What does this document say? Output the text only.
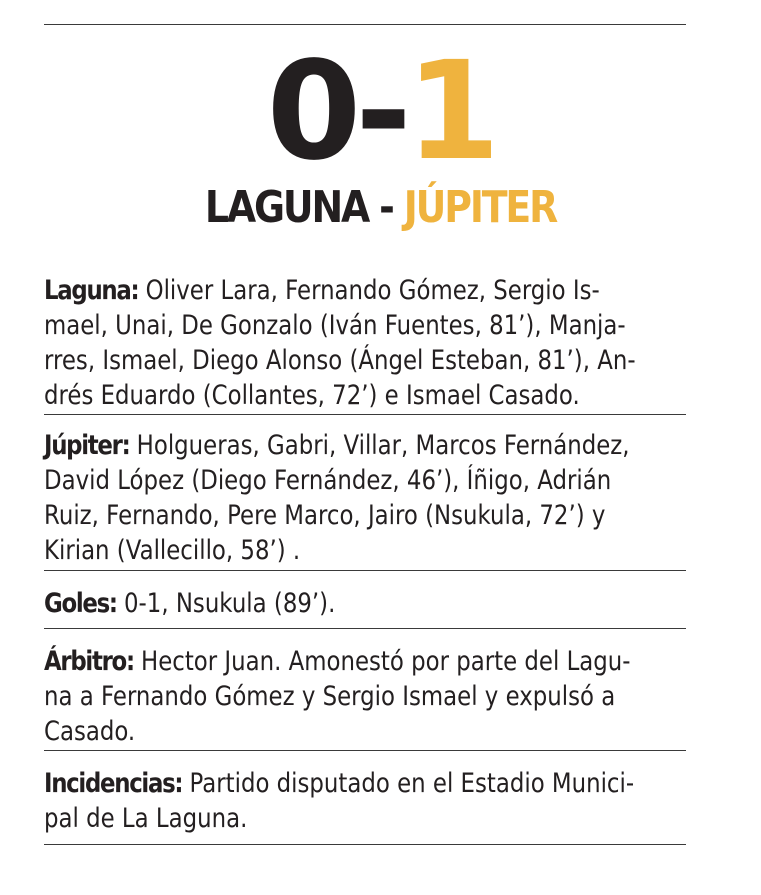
0-1
LAGUNA - JÚPITER
Laguna: Oliver Lara, Fernando Gómez, Sergio Is-
mael, Unai, De Gonzalo (Iván Fuentes, 81’), Manja-
rres, Ismael, Diego Alonso (Ángel Esteban, 81’), An-
drés Eduardo (Collantes, 72’) e Ismael Casado.
Júpiter: Holgueras, Gabri, Villar, Marcos Fernández,
David López (Diego Fernández, 46’), Íñigo, Adrián
Ruiz, Fernando, Pere Marco, Jairo (Nsukula, 72’) y
Kirian (Vallecillo, 58’) .
Goles: 0-1, Nsukula (89’).
Árbitro: Hector Juan. Amonestó por parte del Lagu-
na a Fernando Gómez y Sergio Ismael y expulsó a
Casado.
Incidencias: Partido disputado en el Estadio Munici-
pal de La Laguna.
